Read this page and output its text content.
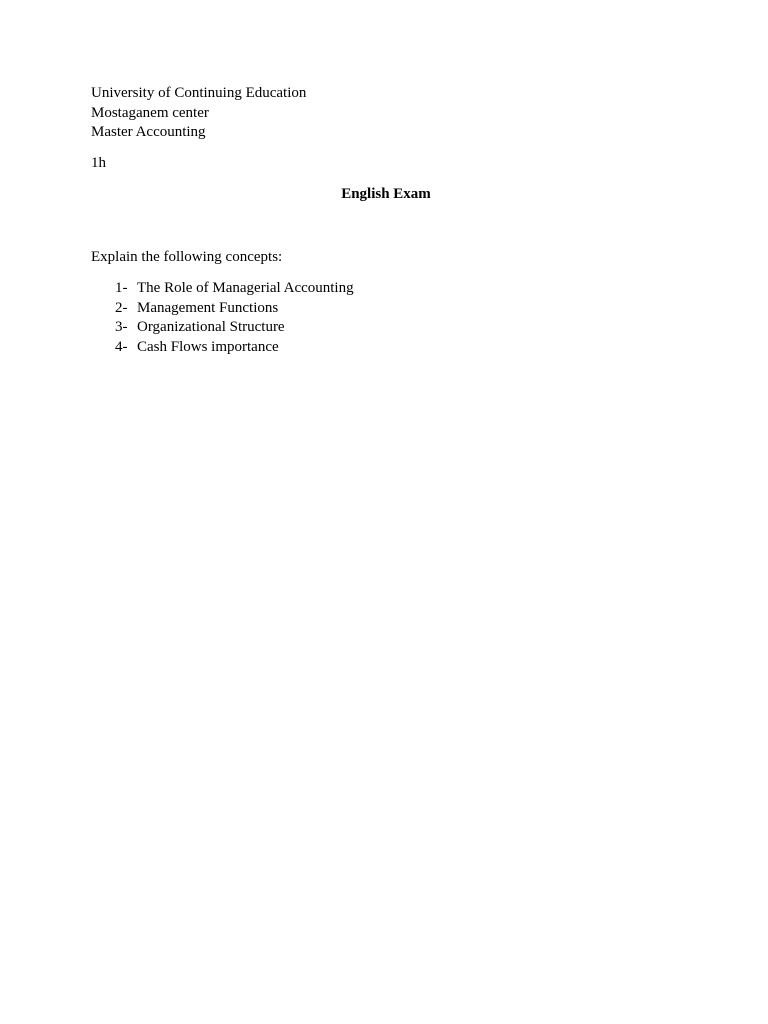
University of Continuing Education
Mostaganem center
Master Accounting
1h
English Exam
Explain the following concepts:
1- The Role of Managerial Accounting
2- Management Functions
3- Organizational Structure
4- Cash Flows importance
